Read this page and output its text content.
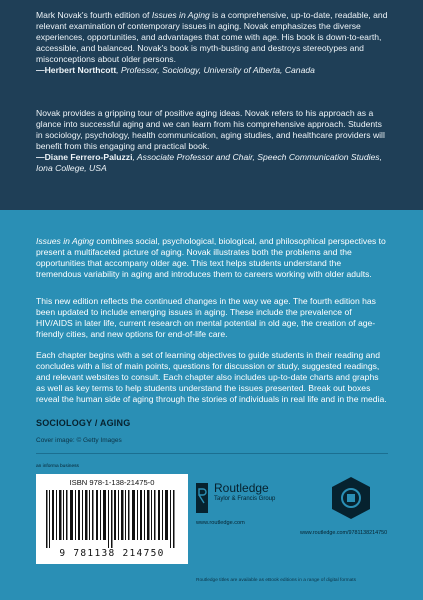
Mark Novak's fourth edition of Issues in Aging is a comprehensive, up-to-date, readable, and relevant examination of contemporary issues in aging. Novak emphasizes the diverse experiences, opportunities, and advantages that come with age. His book is down-to-earth, accessible, and balanced. Novak's book is myth-busting and destroys stereotypes and misconceptions about older persons.
—Herbert Northcott, Professor, Sociology, University of Alberta, Canada

Novak provides a gripping tour of positive aging ideas. Novak refers to his approach as a glance into successful aging and we can learn from his comprehensive approach. Students in sociology, psychology, health communication, aging studies, and healthcare providers will benefit from this engaging and practical book.
—Diane Ferrero-Paluzzi, Associate Professor and Chair, Speech Communication Studies, Iona College, USA

Issues in Aging combines social, psychological, biological, and philosophical perspectives to present a multifaceted picture of aging. Novak illustrates both the problems and the opportunities that accompany older age. This text helps students understand the tremendous variability in aging and introduces them to careers working with older adults.

This new edition reflects the continued changes in the way we age. The fourth edition has been updated to include emerging issues in aging. These include the prevalence of HIV/AIDS in later life, current research on mental potential in old age, the creation of age-friendly cities, and new options for end-of-life care.

Each chapter begins with a set of learning objectives to guide students in their reading and concludes with a list of main points, questions for discussion or study, suggested readings, and relevant websites to consult. Each chapter also includes up-to-date charts and graphs as well as key terms to help students understand the issues presented. Break out boxes reveal the human side of aging through the stories of individuals in real life and in the media.

SOCIOLOGY / AGING
Cover image: © Getty Images
an informa business
ISBN 978-1-138-21475-0
9 781138 214750
Routledge
Taylor & Francis Group
www.routledge.com
www.routledge.com/9781138214750
Routledge titles are available as eBook editions in a range of digital formats
